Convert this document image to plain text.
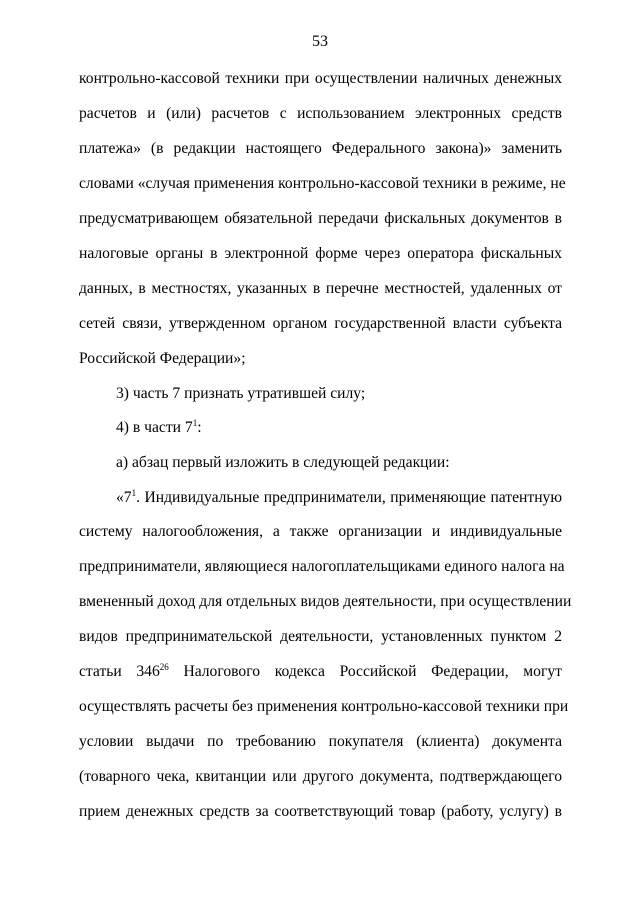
53
контрольно-кассовой техники при осуществлении наличных денежных
расчетов и (или) расчетов с использованием электронных средств
платежа» (в редакции настоящего Федерального закона)» заменить
словами «случая применения контрольно-кассовой техники в режиме, не
предусматривающем обязательной передачи фискальных документов в
налоговые органы в электронной форме через оператора фискальных
данных, в местностях, указанных в перечне местностей, удаленных от
сетей связи, утвержденном органом государственной власти субъекта
Российской Федерации»;
3) часть 7 признать утратившей силу;
4) в части $7^1$:
а) абзац первый изложить в следующей редакции:
«$7^1$. Индивидуальные предприниматели, применяющие патентную
систему налогообложения, а также организации и индивидуальные
предприниматели, являющиеся налогоплательщиками единого налога на
вмененный доход для отдельных видов деятельности, при осуществлении
видов предпринимательской деятельности, установленных пунктом 2
статьи $346^{26}$ Налогового кодекса Российской Федерации, могут
осуществлять расчеты без применения контрольно-кассовой техники при
условии выдачи по требованию покупателя (клиента) документа
(товарного чека, квитанции или другого документа, подтверждающего
прием денежных средств за соответствующий товар (работу, услугу) в
